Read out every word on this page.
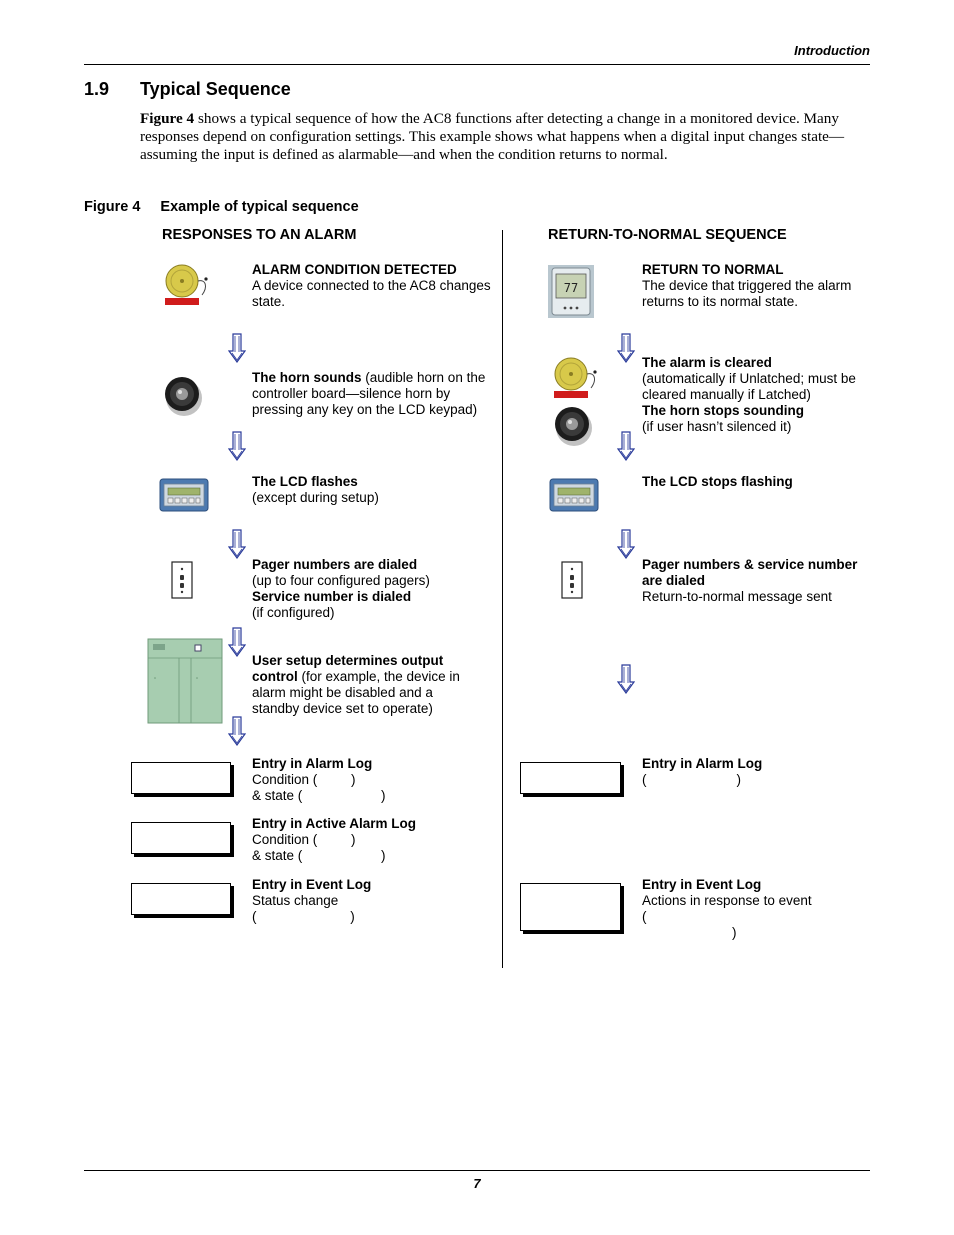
Introduction
1.9 Typical Sequence
Figure 4 shows a typical sequence of how the AC8 functions after detecting a change in a monitored device. Many responses depend on configuration settings. This example shows what happens when a digital input changes state—assuming the input is defined as alarmable—and when the condition returns to normal.
Figure 4 Example of typical sequence
RESPONSES TO AN ALARM	RETURN-TO-NORMAL SEQUENCE
ALARM CONDITION DETECTED
A device connected to the AC8 changes state.
The horn sounds (audible horn on the controller board—silence horn by pressing any key on the LCD keypad)
The LCD flashes
(except during setup)
Pager numbers are dialed
(up to four configured pagers)
Service number is dialed
(if configured)
User setup determines output control (for example, the device in alarm might be disabled and a standby device set to operate)
Entry in Alarm Log
Condition (         )
& state (                     )
Entry in Active Alarm Log
Condition (         )
& state (                     )
Entry in Event Log
Status change
(                         )
77
RETURN TO NORMAL
The device that triggered the alarm returns to its normal state.
The alarm is cleared
(automatically if Unlatched; must be cleared manually if Latched)
The horn stops sounding
(if user hasn’t silenced it)
The LCD stops flashing
Pager numbers & service number are dialed
Return-to-normal message sent
Entry in Alarm Log
(                        )
Entry in Event Log
Actions in response to event
(
)
7
